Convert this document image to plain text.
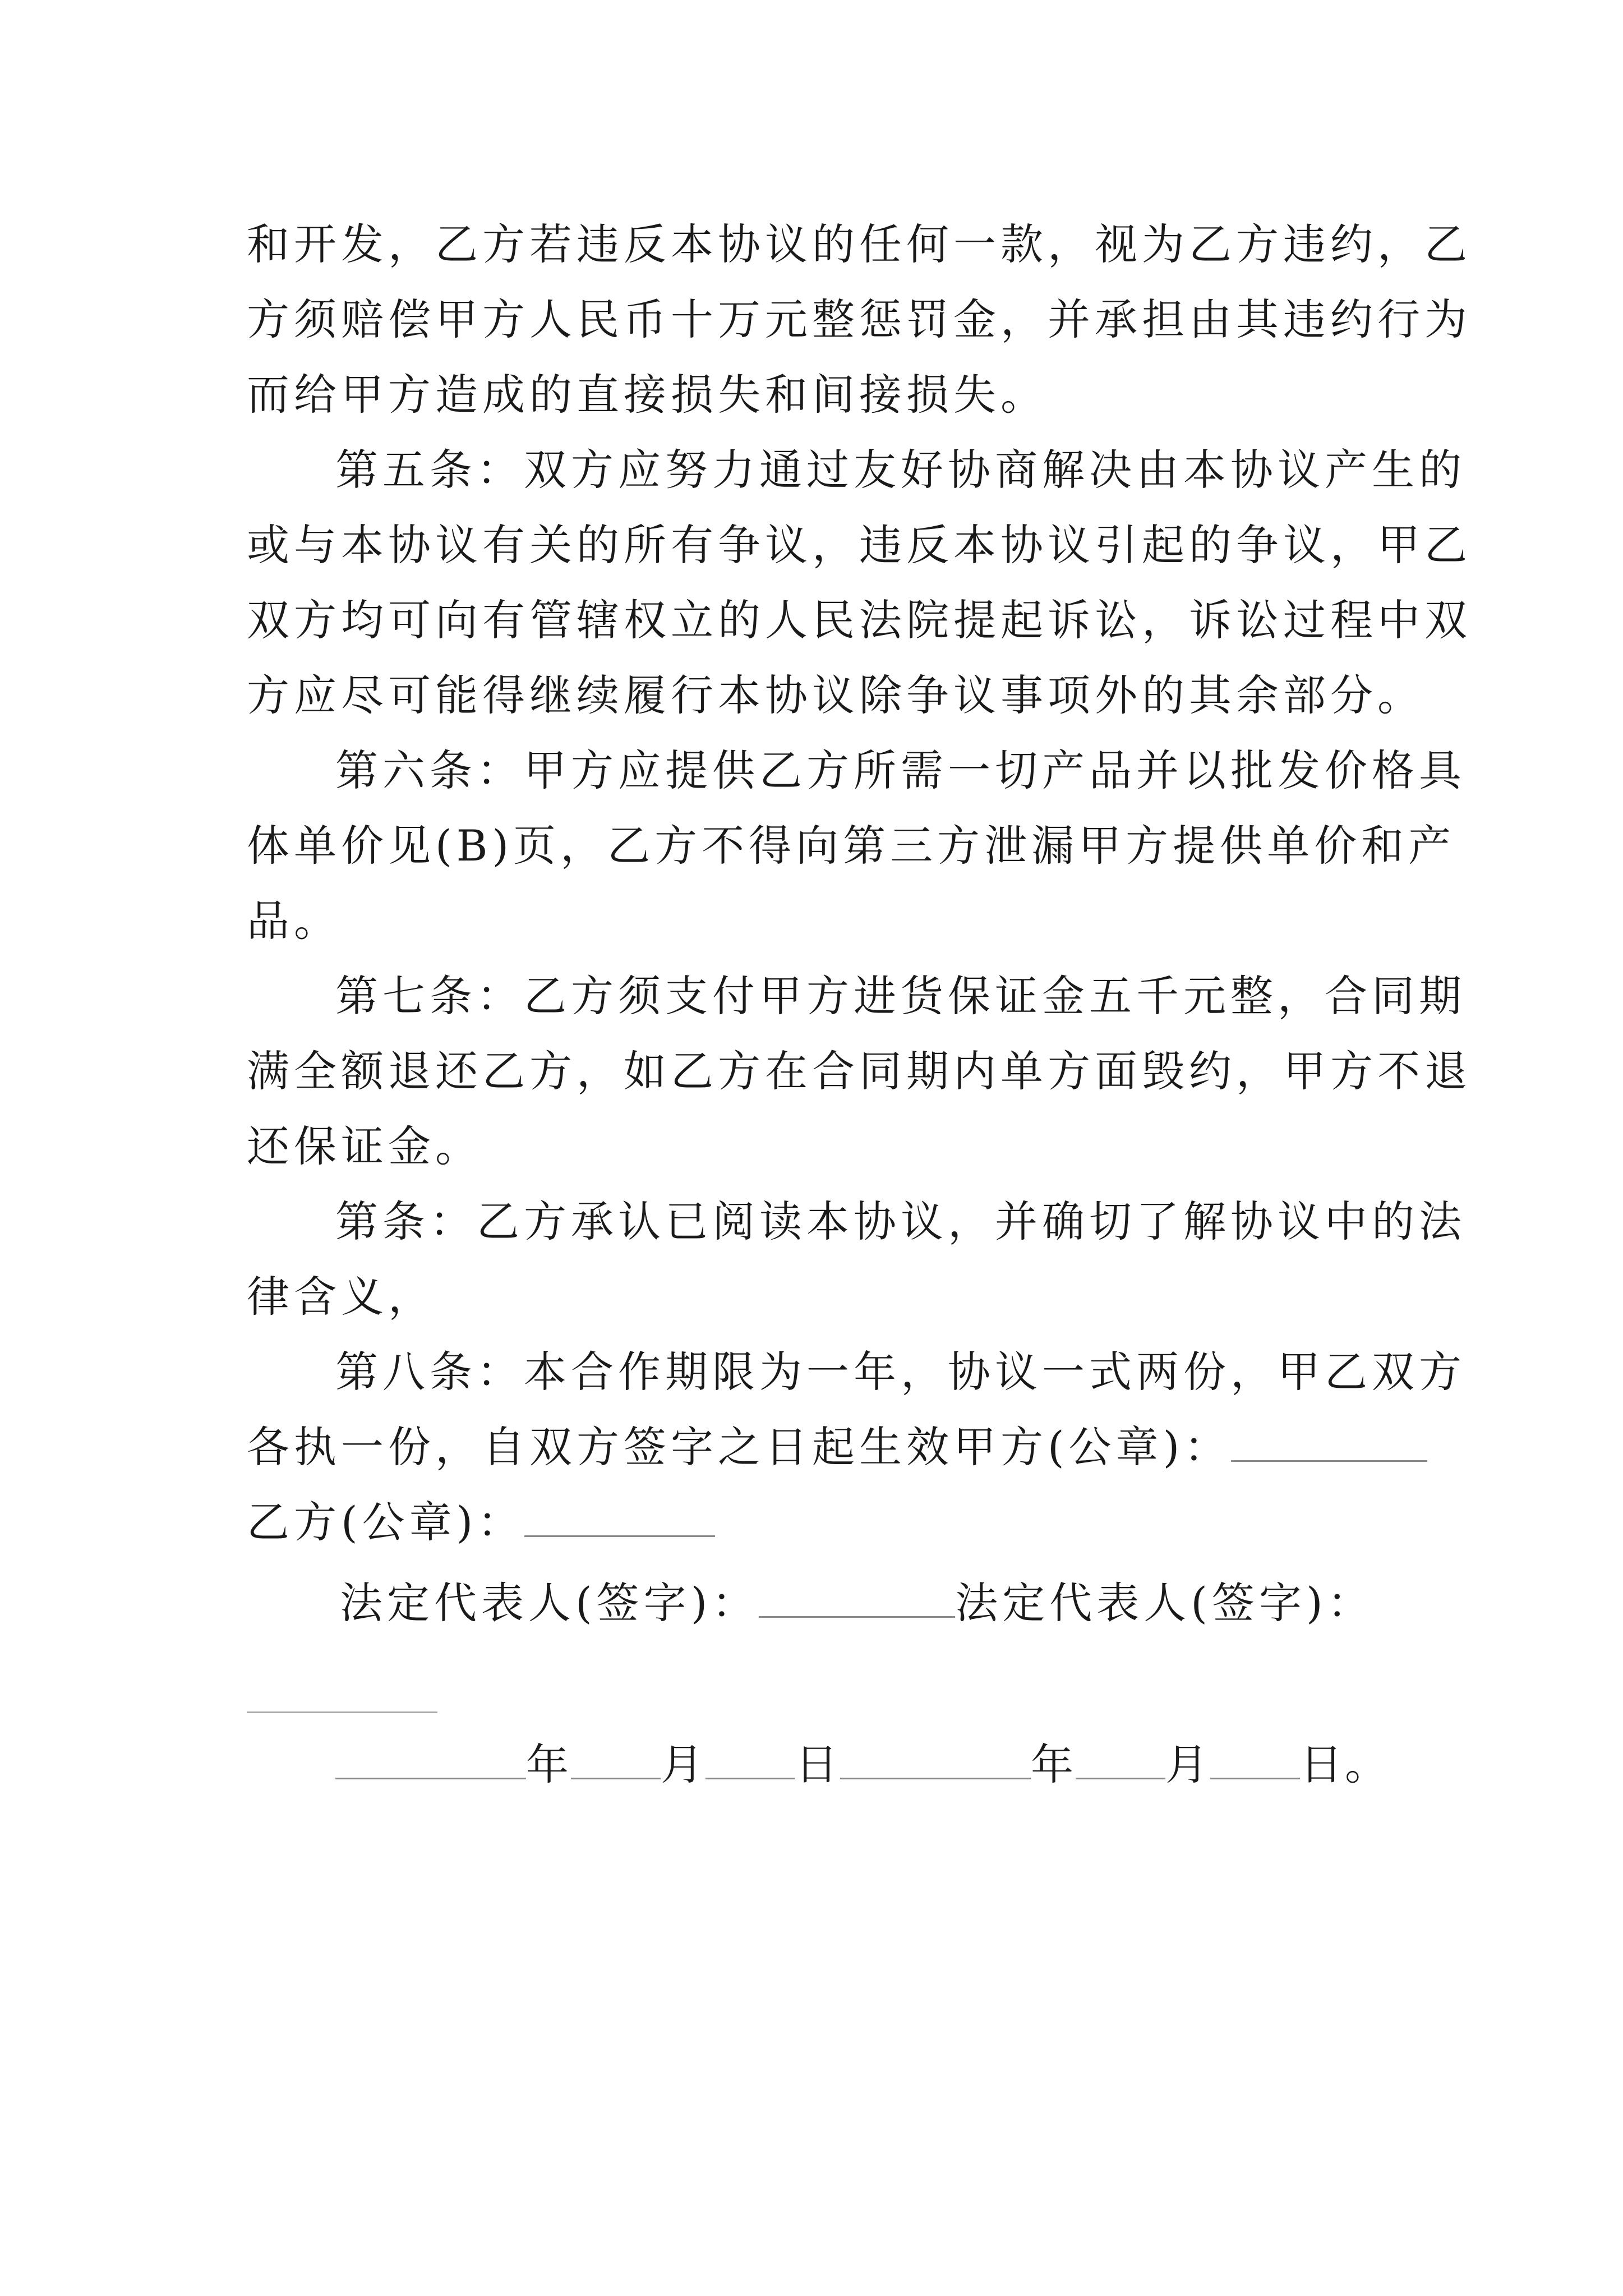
和开发，乙方若违反本协议的任何一款，视为乙方违约，乙
方须赔偿甲方人民币十万元整惩罚金，并承担由其违约行为
而给甲方造成的直接损失和间接损失。
第五条：双方应努力通过友好协商解决由本协议产生的
或与本协议有关的所有争议，违反本协议引起的争议，甲乙
双方均可向有管辖权立的人民法院提起诉讼，诉讼过程中双
方应尽可能得继续履行本协议除争议事项外的其余部分。
第六条：甲方应提供乙方所需一切产品并以批发价格具
体单价见(B)页，乙方不得向第三方泄漏甲方提供单价和产
品。
第七条：乙方须支付甲方进货保证金五千元整，合同期
满全额退还乙方，如乙方在合同期内单方面毁约，甲方不退
还保证金。
第条：乙方承认已阅读本协议，并确切了解协议中的法
律含义，
第八条：本合作期限为一年，协议一式两份，甲乙双方
各执一份，自双方签字之日起生效甲方(公章)：
乙方(公章)：
法定代表人(签字)：	法定代表人(签字)：
年 月 日	年 月 日。
